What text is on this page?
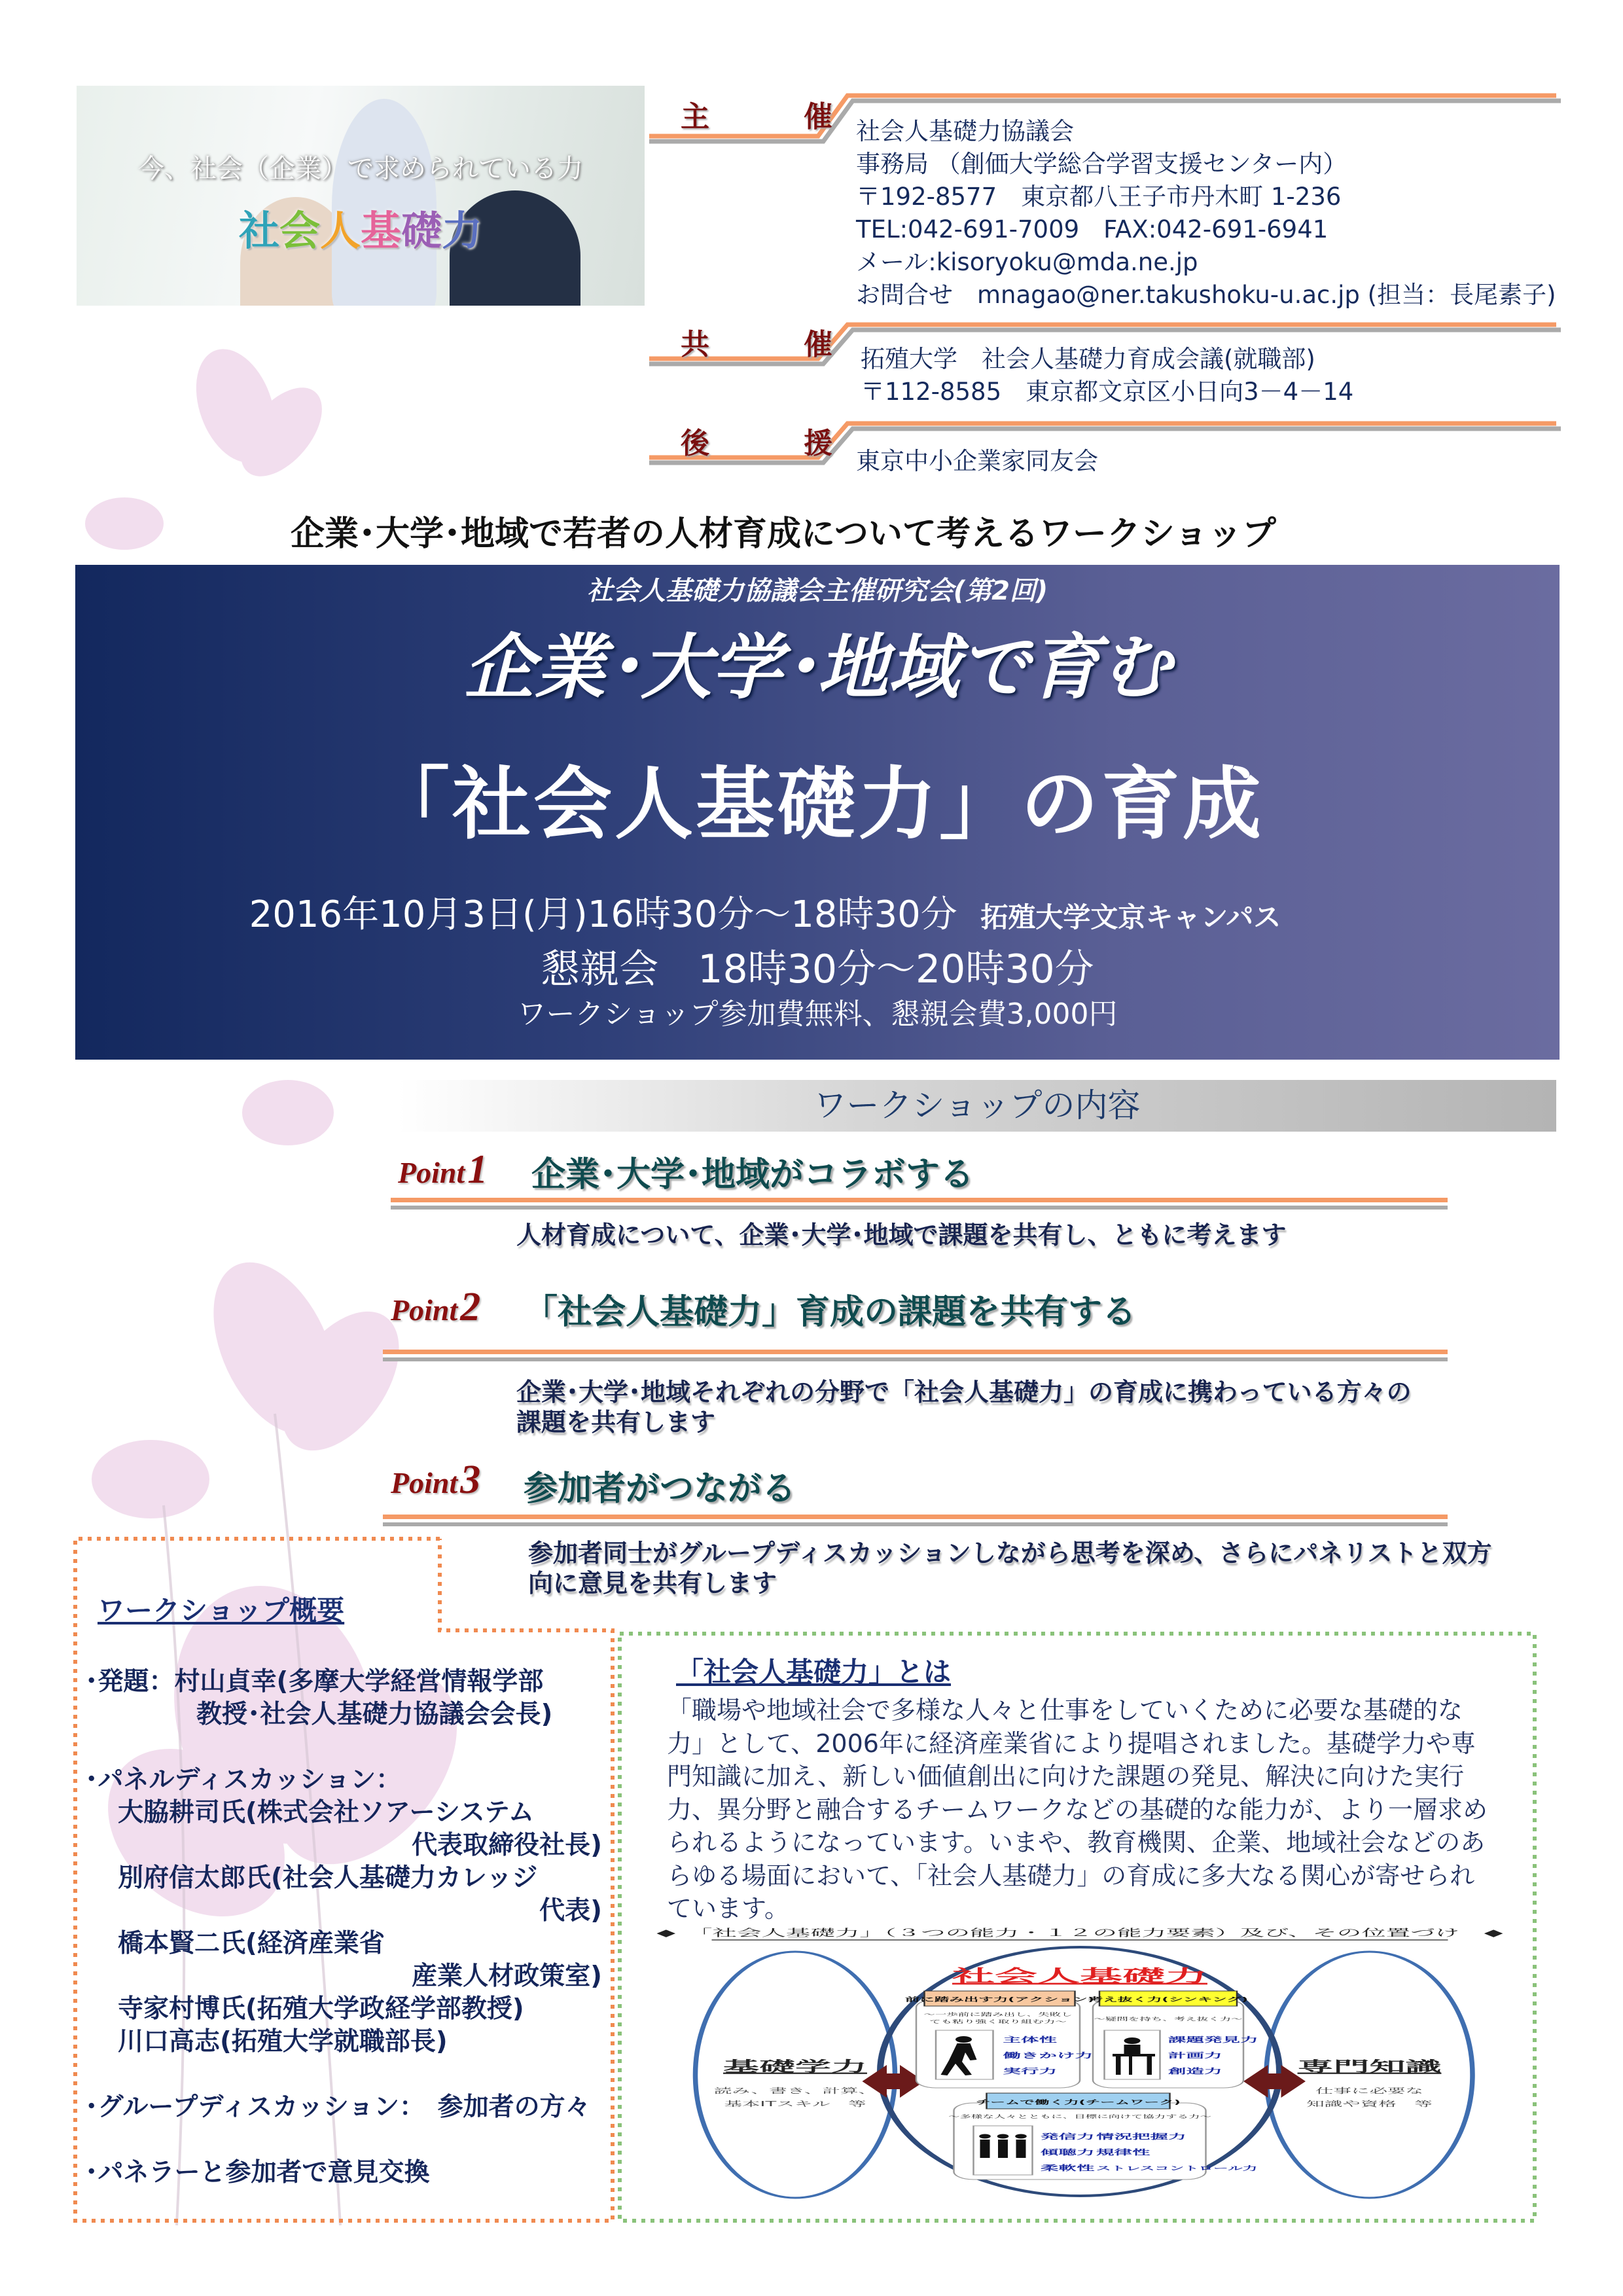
今、社会（企業）で求められている力
社会人基礎力
主　催
共　催
後　援
社会人基礎力協議会
事務局 （創価大学総合学習支援センター内）
〒192-8577　東京都八王子市丹木町 1-236
TEL:042-691-7009　FAX:042-691-6941
メール:kisoryoku@mda.ne.jp
お問合せ　mnagao@ner.takushoku-u.ac.jp (担当：長尾素子)
拓殖大学　社会人基礎力育成会議(就職部)
〒112-8585　東京都文京区小日向3－4－14
東京中小企業家同友会
企業･大学･地域で若者の人材育成について考えるワークショップ
社会人基礎力協議会主催研究会(第2回)
企業･大学･地域で育む
「社会人基礎力」の育成
2016年10月3日(月)16時30分～18時30分 拓殖大学文京キャンパス
懇親会　18時30分～20時30分
ワークショップ参加費無料、懇親会費3,000円
ワークショップの内容
Point 1 企業･大学･地域がコラボする
人材育成について、企業･大学･地域で課題を共有し、ともに考えます
Point 2 「社会人基礎力」育成の課題を共有する
企業･大学･地域それぞれの分野で「社会人基礎力」の育成に携わっている方々の
課題を共有します
Point 3 参加者がつながる
参加者同士がグループディスカッションしながら思考を深め、さらにパネリストと双方
向に意見を共有します
ワークショップ概要
･発題：村山貞幸(多摩大学経営情報学部
教授･社会人基礎力協議会会長)
･パネルディスカッション：
大脇耕司氏(株式会社ソアーシステム
代表取締役社長)
別府信太郎氏(社会人基礎力カレッジ
代表)
橋本賢二氏(経済産業省
産業人材政策室)
寺家村博氏(拓殖大学政経学部教授)
川口高志(拓殖大学就職部長)
･グループディスカッション：　参加者の方々
･パネラーと参加者で意見交換
「社会人基礎力」とは

「職場や地域社会で多様な人々と仕事をしていくために必要な基礎的な力」として、2006年に経済産業省により提唱されました。基礎学力や専門知識に加え、新しい価値創出に向けた課題の発見、解決に向けた実行力、異分野と融合するチームワークなどの基礎的な能力が、より一層求められるようになっています。いまや、教育機関、企業、地域社会などのあらゆる場面において、「社会人基礎力」の育成に多大なる関心が寄せられています。

◆　「社会人基礎力」（３つの能力・１２の能力要素）及び、その位置づけ　◆
社会人基礎力
基礎学力
読み、書き、計算、
基本ITスキル　等
専門知識
仕事に必要な
知識や資格　等
前に踏み出す力(アクション)
～一歩前に踏み出し、失敗し
ても粘り強く取り組む力～
主体性
働きかけ力
実行力
考え抜く力(シンキング)
～疑問を持ち、考え抜く力～
課題発見力
計画力
創造力
チームで働く力(チームワーク)
～多様な人々とともに、目標に向けて協力する力～
発信力 情況把握力
傾聴力 規律性
柔軟性 ストレスコントロール力
